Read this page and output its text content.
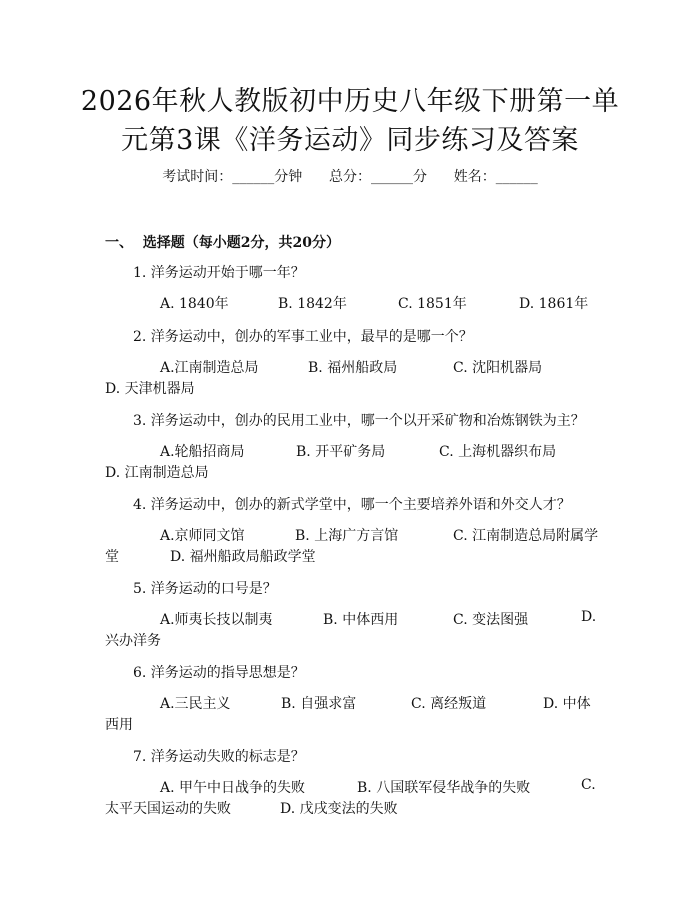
2026年秋人教版初中历史八年级下册第一单
元第3课《洋务运动》同步练习及答案
考试时间：______分钟      总分：______分      姓名：______
一、  选择题（每小题2分，共20分）
1. 洋务运动开始于哪一年？
A. 1840年	B. 1842年	C. 1851年	D. 1861年
2. 洋务运动中，创办的军事工业中，最早的是哪一个？
A.江南制造总局	B. 福州船政局	C. 沈阳机器局
D. 天津机器局
3. 洋务运动中，创办的民用工业中，哪一个以开采矿物和冶炼钢铁为主？
A.轮船招商局	B. 开平矿务局	C. 上海机器织布局
D. 江南制造总局
4. 洋务运动中，创办的新式学堂中，哪一个主要培养外语和外交人才？
A.京师同文馆	B. 上海广方言馆	C. 江南制造总局附属学
堂	D. 福州船政局船政学堂
5. 洋务运动的口号是？
A.师夷长技以制夷	B. 中体西用	C. 变法图强	D.
兴办洋务
6. 洋务运动的指导思想是？
A.三民主义	B. 自强求富	C. 离经叛道	D. 中体
西用
7. 洋务运动失败的标志是？
A. 甲午中日战争的失败	B. 八国联军侵华战争的失败	C.
太平天国运动的失败	D. 戊戌变法的失败
